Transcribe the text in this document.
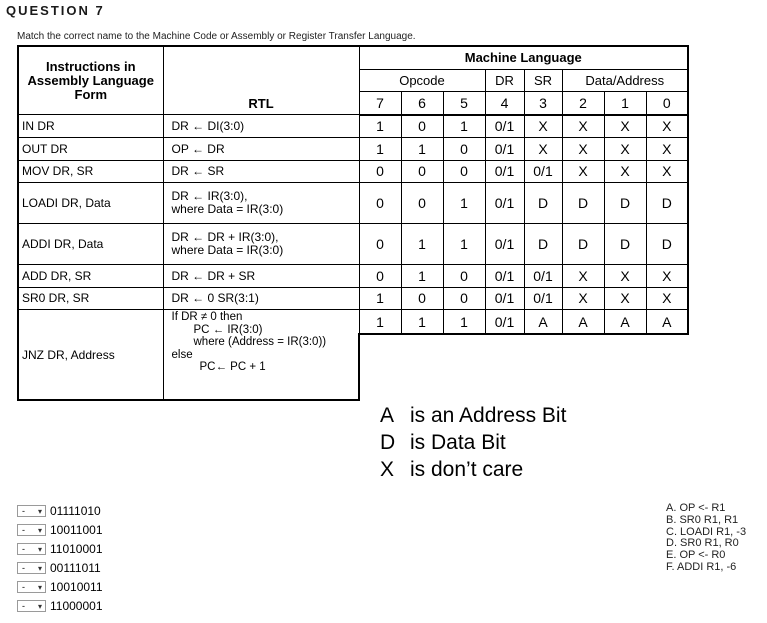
QUESTION 7
Match the correct name to the Machine Code or Assembly or Register Transfer Language.
Instructions in Assembly Language Form	RTL	Machine Language							
		Opcode			DR	SR	Data/Address		
		7	6	5	4	3	2	1	0
IN DR	DR ← DI(3:0)	1	0	1	0/1	X	X	X	X
OUT DR	OP ← DR	1	1	0	0/1	X	X	X	X
MOV DR, SR	DR ← SR	0	0	0	0/1	0/1	X	X	X
LOADI DR, Data	DR ← IR(3:0),
where Data = IR(3:0)	0	0	1	0/1	D	D	D	D
ADDI DR, Data	DR ← DR + IR(3:0),
where Data = IR(3:0)	0	1	1	0/1	D	D	D	D
ADD DR, SR	DR ← DR + SR	0	1	0	0/1	0/1	X	X	X
SR0 DR, SR	DR ← 0 SR(3:1)	1	0	0	0/1	0/1	X	X	X
JNZ DR, Address	If DR ≠ 0 then
PC ← IR(3:0)
where (Address = IR(3:0))
else
PC← PC + 1	1	1	1	0/1	A	A	A	A

A is an Address Bit
D is Data Bit
X is don’t care
- ▾ 01111010
- ▾ 10011001
- ▾ 11010001
- ▾ 00111011
- ▾ 10010011
- ▾ 11000001
A. OP <- R1
B. SR0 R1, R1
C. LOADI R1, -3
D. SR0 R1, R0
E. OP <- R0
F. ADDI R1, -6
